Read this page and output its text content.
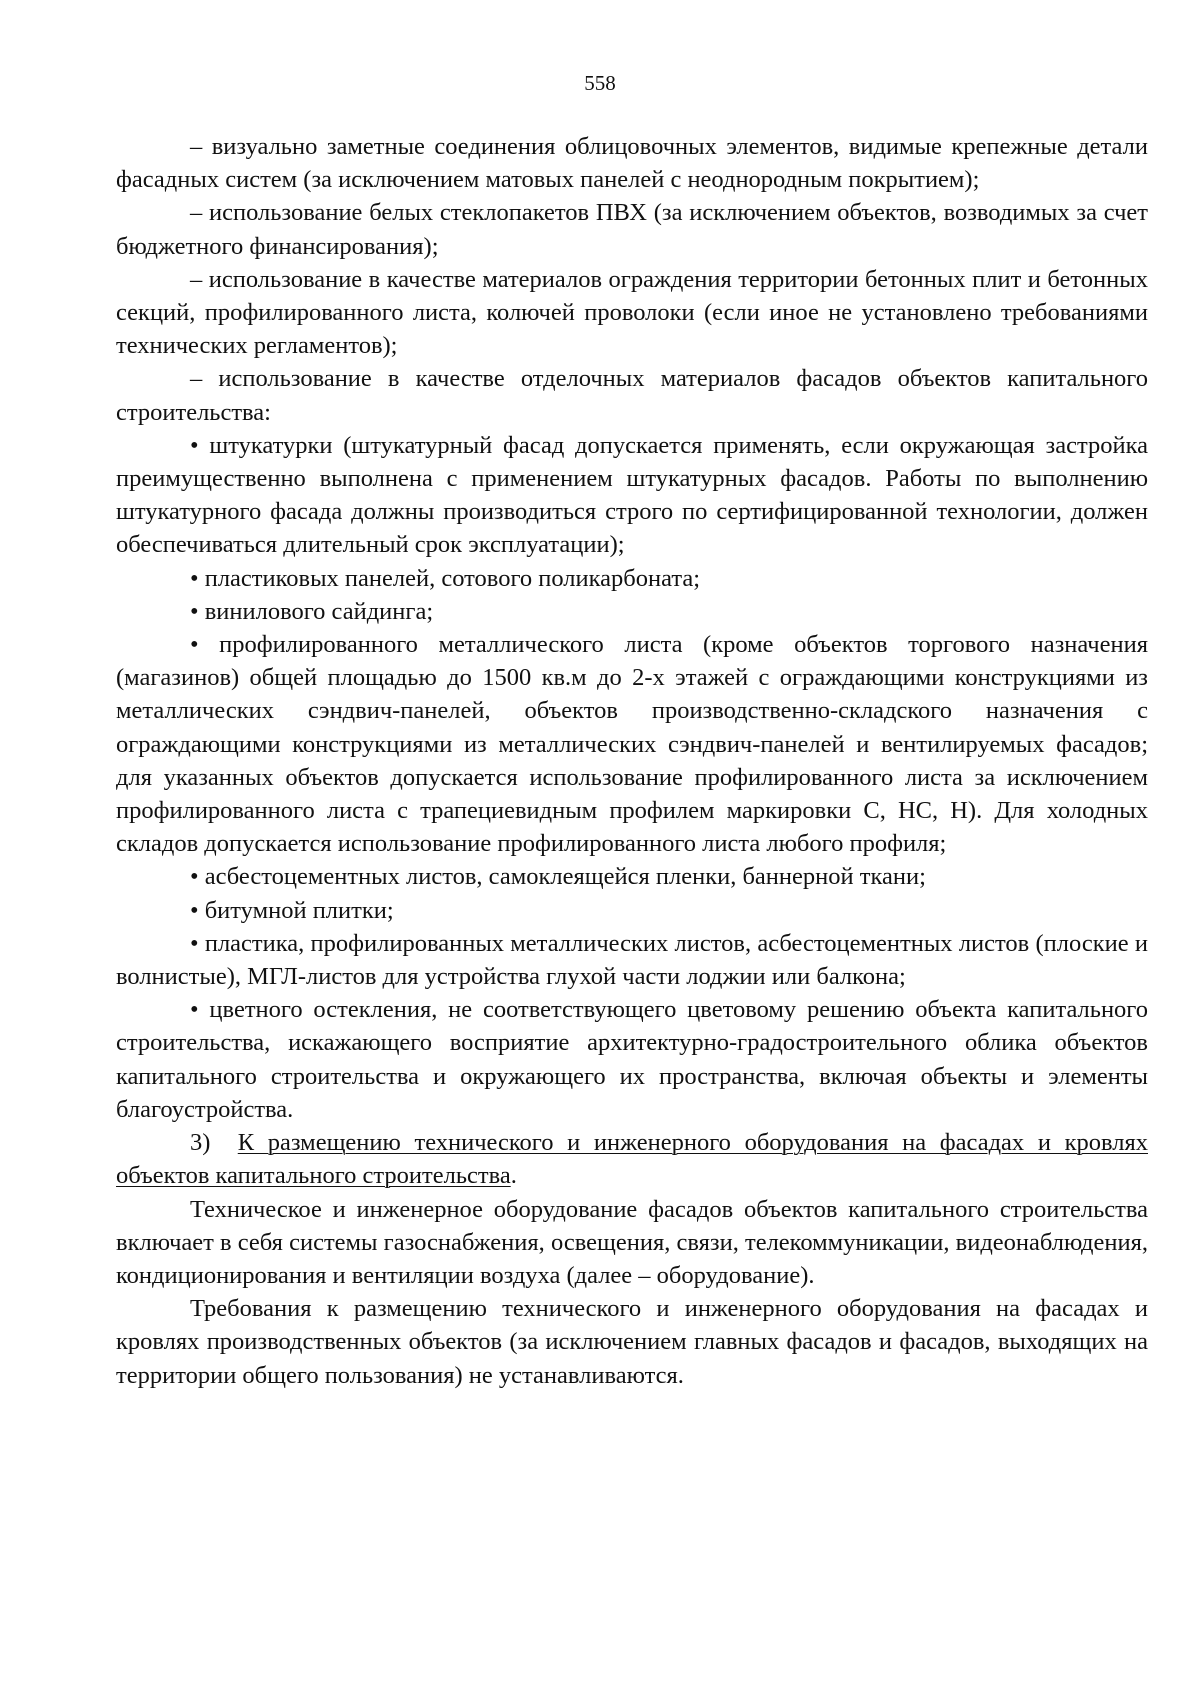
558

– визуально заметные соединения облицовочных элементов, видимые крепежные детали фасадных систем (за исключением матовых панелей с неоднородным покрытием);

– использование белых стеклопакетов ПВХ (за исключением объектов, возводимых за счет бюджетного финансирования);

– использование в качестве материалов ограждения территории бетонных плит и бетонных секций, профилированного листа, колючей проволоки (если иное не установлено требованиями технических регламентов);

– использование в качестве отделочных материалов фасадов объектов капитального строительства:

• штукатурки (штукатурный фасад допускается применять, если окружающая застройка преимущественно выполнена с применением штукатурных фасадов. Работы по выполнению штукатурного фасада должны производиться строго по сертифицированной технологии, должен обеспечиваться длительный срок эксплуатации);

• пластиковых панелей, сотового поликарбоната;

• винилового сайдинга;

• профилированного металлического листа (кроме объектов торгового назначения (магазинов) общей площадью до 1500 кв.м до 2-х этажей с ограждающими конструкциями из металлических сэндвич-панелей, объектов производственно-складского назначения с ограждающими конструкциями из металлических сэндвич-панелей и вентилируемых фасадов; для указанных объектов допускается использование профилированного листа за исключением профилированного листа с трапециевидным профилем маркировки С, НС, Н). Для холодных складов допускается использование профилированного листа любого профиля;

• асбестоцементных листов, самоклеящейся пленки, баннерной ткани;

• битумной плитки;

• пластика, профилированных металлических листов, асбестоцементных листов (плоские и волнистые), МГЛ-листов для устройства глухой части лоджии или балкона;

• цветного остекления, не соответствующего цветовому решению объекта капитального строительства, искажающего восприятие архитектурно-градостроительного облика объектов капитального строительства и окружающего их пространства, включая объекты и элементы благоустройства.

3) К размещению технического и инженерного оборудования на фасадах и кровлях объектов капитального строительства.

Техническое и инженерное оборудование фасадов объектов капитального строительства включает в себя системы газоснабжения, освещения, связи, телекоммуникации, видеонаблюдения, кондиционирования и вентиляции воздуха (далее – оборудование).

Требования к размещению технического и инженерного оборудования на фасадах и кровлях производственных объектов (за исключением главных фасадов и фасадов, выходящих на территории общего пользования) не устанавливаются.
